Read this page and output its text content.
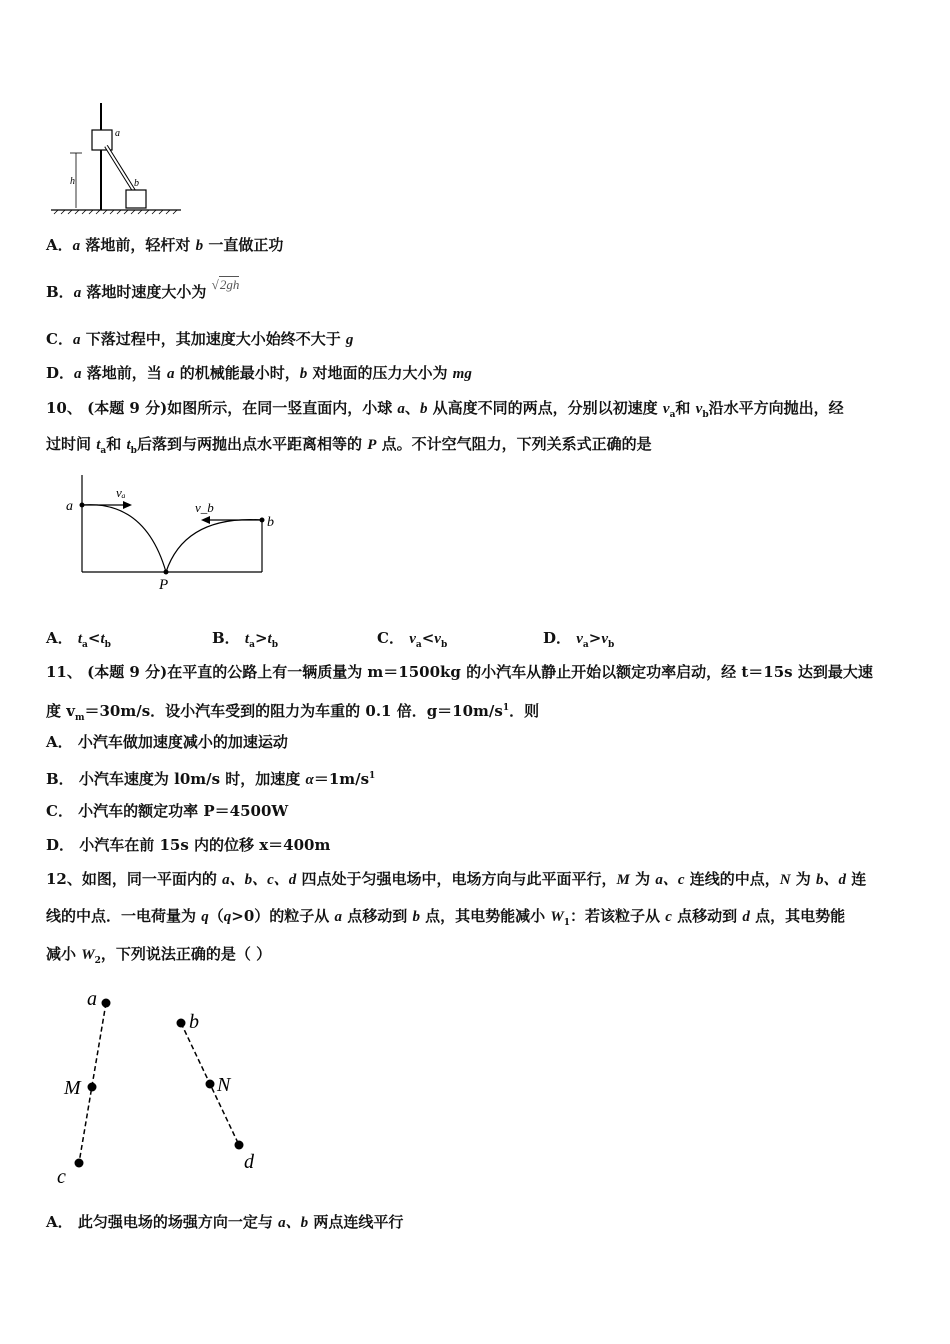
a
b
h
A．a 落地前，轻杆对 b 一直做正功
B．a 落地时速度大小为 √2gh
C．a 下落过程中，其加速度大小始终不大于 g
D．a 落地前，当 a 的机械能最小时，b 对地面的压力大小为 mg
10、 (本题 9 分)如图所示，在同一竖直面内，小球 a、b 从高度不同的两点，分别以初速度 $v_a$和 $v_b$沿水平方向抛出，经
过时间 $t_a$和 $t_b$后落到与两抛出点水平距离相等的 P 点。不计空气阻力，下列关系式正确的是
a
b
vₐ
v_b
P
A． $t_a<t_b$	B． $t_a>t_b$	C． $v_a<v_b$	D． $v_a>v_b$
11、 (本题 9 分)在平直的公路上有一辆质量为 m＝1500kg 的小汽车从静止开始以额定功率启动，经 t＝15s 达到最大速
度 $v_m=30m/s$．设小汽车受到的阻力为车重的 0.1 倍．$g=10m/s^1$．则
A． 小汽车做加速度减小的加速运动
B． 小汽车速度为 l0m/s 时，加速度 $\alpha=1m/s^1$
C． 小汽车的额定功率 P＝4500W
D． 小汽车在前 15s 内的位移 x＝400m
12、如图，同一平面内的 a、b、c、d 四点处于匀强电场中，电场方向与此平面平行，M 为 a、c 连线的中点，N 为 b、d 连
线的中点．一电荷量为 q（q>0）的粒子从 a 点移动到 b 点，其电势能减小 $W_1$：若该粒子从 c 点移动到 d 点，其电势能
减小 $W_2$，下列说法正确的是（ ）
a
M
c
b
N
d
A． 此匀强电场的场强方向一定与 a、b 两点连线平行
